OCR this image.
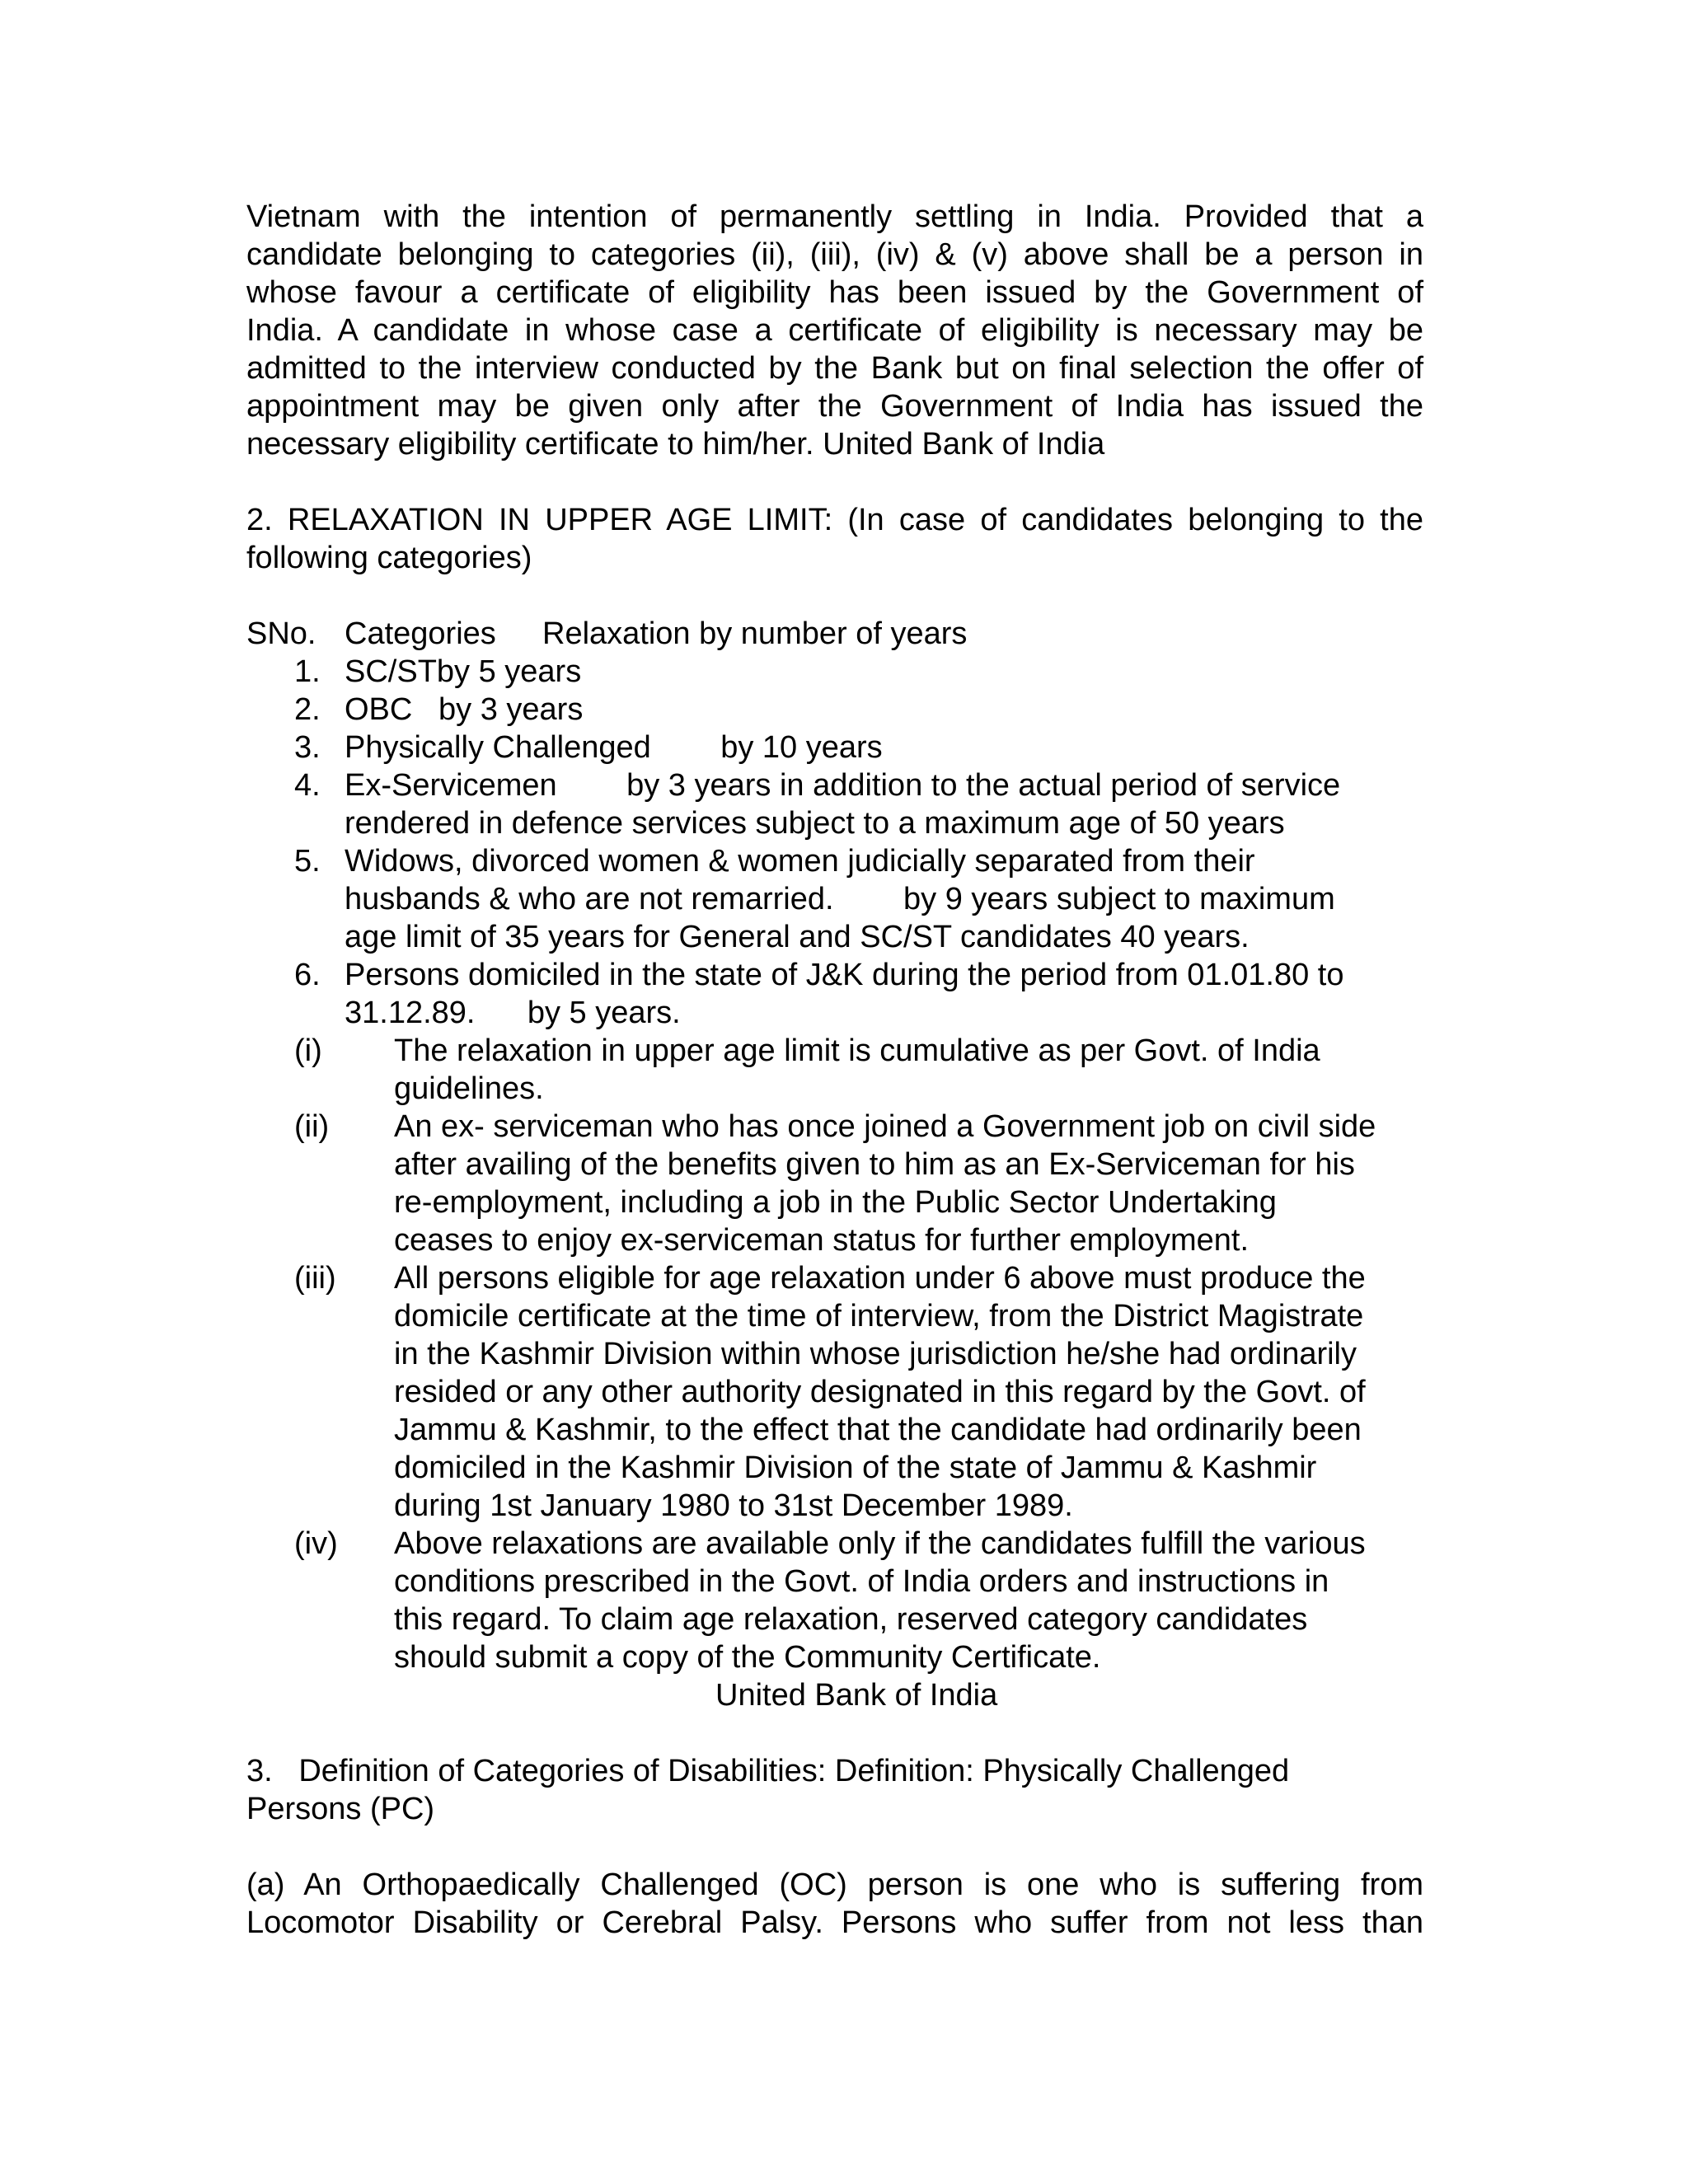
Vietnam with the intention of permanently settling in India. Provided that a
candidate belonging to categories (ii), (iii), (iv) & (v) above shall be a person in
whose favour a certificate of eligibility has been issued by the Government of
India. A candidate in whose case a certificate of eligibility is necessary may be
admitted to the interview conducted by the Bank but on final selection the offer of
appointment may be given only after the Government of India has issued the
necessary eligibility certificate to him/her. United Bank of India
2. RELAXATION IN UPPER AGE LIMIT: (In case of candidates belonging to the
following categories)
SNo. Categories Relaxation by number of years
1. SC/STby 5 years
2. OBC   by 3 years
3. Physically Challenged        by 10 years
4. Ex-Servicemen        by 3 years in addition to the actual period of service
rendered in defence services subject to a maximum age of 50 years
5. Widows, divorced women & women judicially separated from their
husbands & who are not remarried.        by 9 years subject to maximum
age limit of 35 years for General and SC/ST candidates 40 years.
6. Persons domiciled in the state of J&K during the period from 01.01.80 to
31.12.89.      by 5 years.
(i) The relaxation in upper age limit is cumulative as per Govt. of India
guidelines.
(ii) An ex- serviceman who has once joined a Government job on civil side
after availing of the benefits given to him as an Ex-Serviceman for his
re-employment, including a job in the Public Sector Undertaking
ceases to enjoy ex-serviceman status for further employment.
(iii) All persons eligible for age relaxation under 6 above must produce the
domicile certificate at the time of interview, from the District Magistrate
in the Kashmir Division within whose jurisdiction he/she had ordinarily
resided or any other authority designated in this regard by the Govt. of
Jammu & Kashmir, to the effect that the candidate had ordinarily been
domiciled in the Kashmir Division of the state of Jammu & Kashmir
during 1st January 1980 to 31st December 1989.
(iv) Above relaxations are available only if the candidates fulfill the various
conditions prescribed in the Govt. of India orders and instructions in
this regard. To claim age relaxation, reserved category candidates
should submit a copy of the Community Certificate.
United Bank of India
3.   Definition of Categories of Disabilities: Definition: Physically Challenged
Persons (PC)
(a) An Orthopaedically Challenged (OC) person is one who is suffering from
Locomotor Disability or Cerebral Palsy. Persons who suffer from not less than
